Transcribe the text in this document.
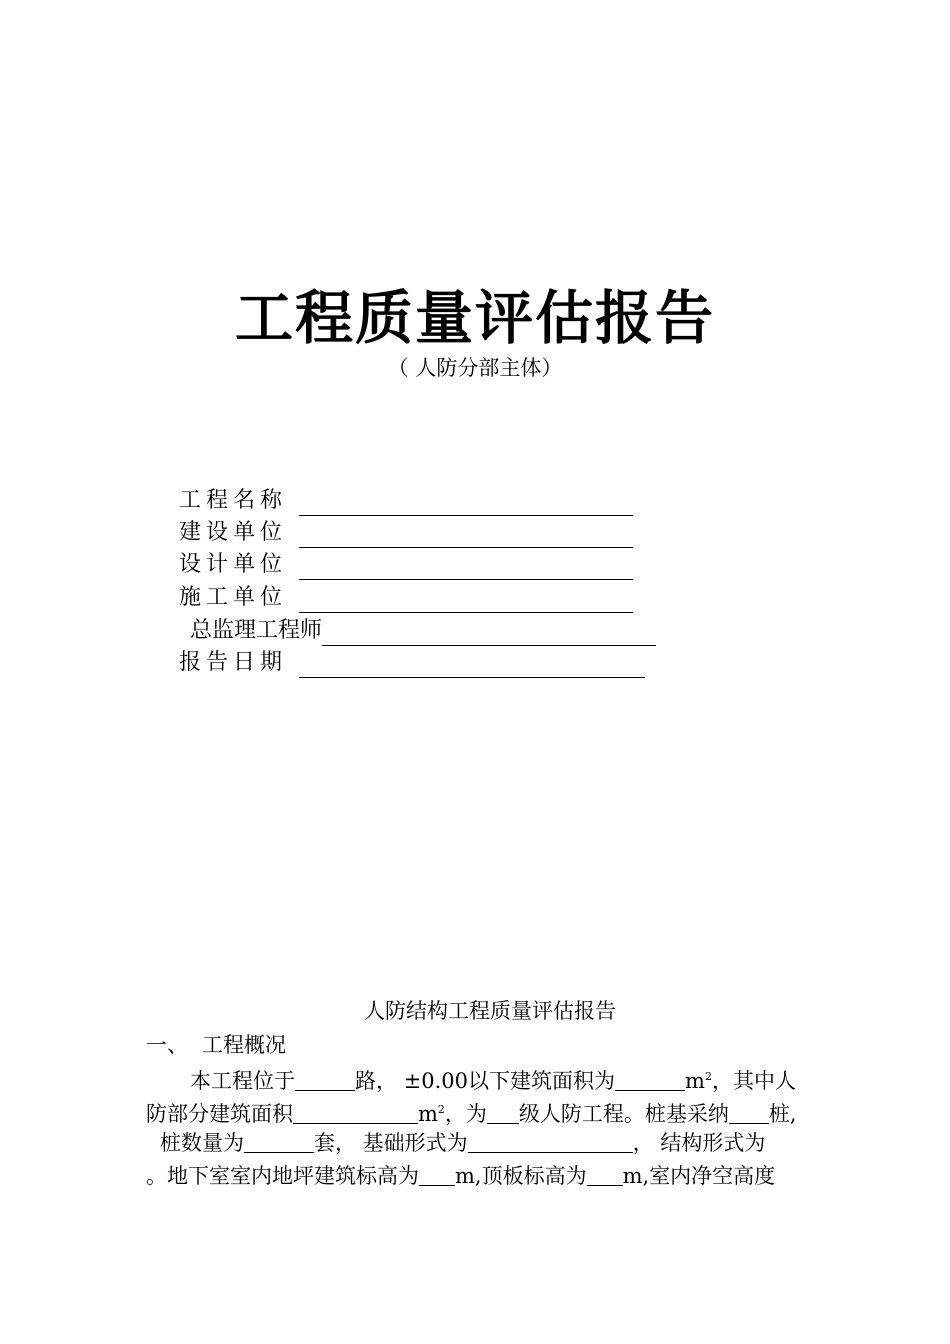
工程质量评估报告
（ 人防分部主体）
工程名称
建设单位
设计单位
施工单位
总监理工程师
报告日期
人防结构工程质量评估报告
一、 工程概况
本工程位于	路， ±0.00以下建筑面积为	$m^2$，其中人
防部分建筑面积	$m^2$，为 级人防工程。桩基采纳 桩,
桩数量为	套， 基础形式为	， 结构形式为
。地下室室内地坪建筑标高为 m,顶板标高为 m,室内净空高度
